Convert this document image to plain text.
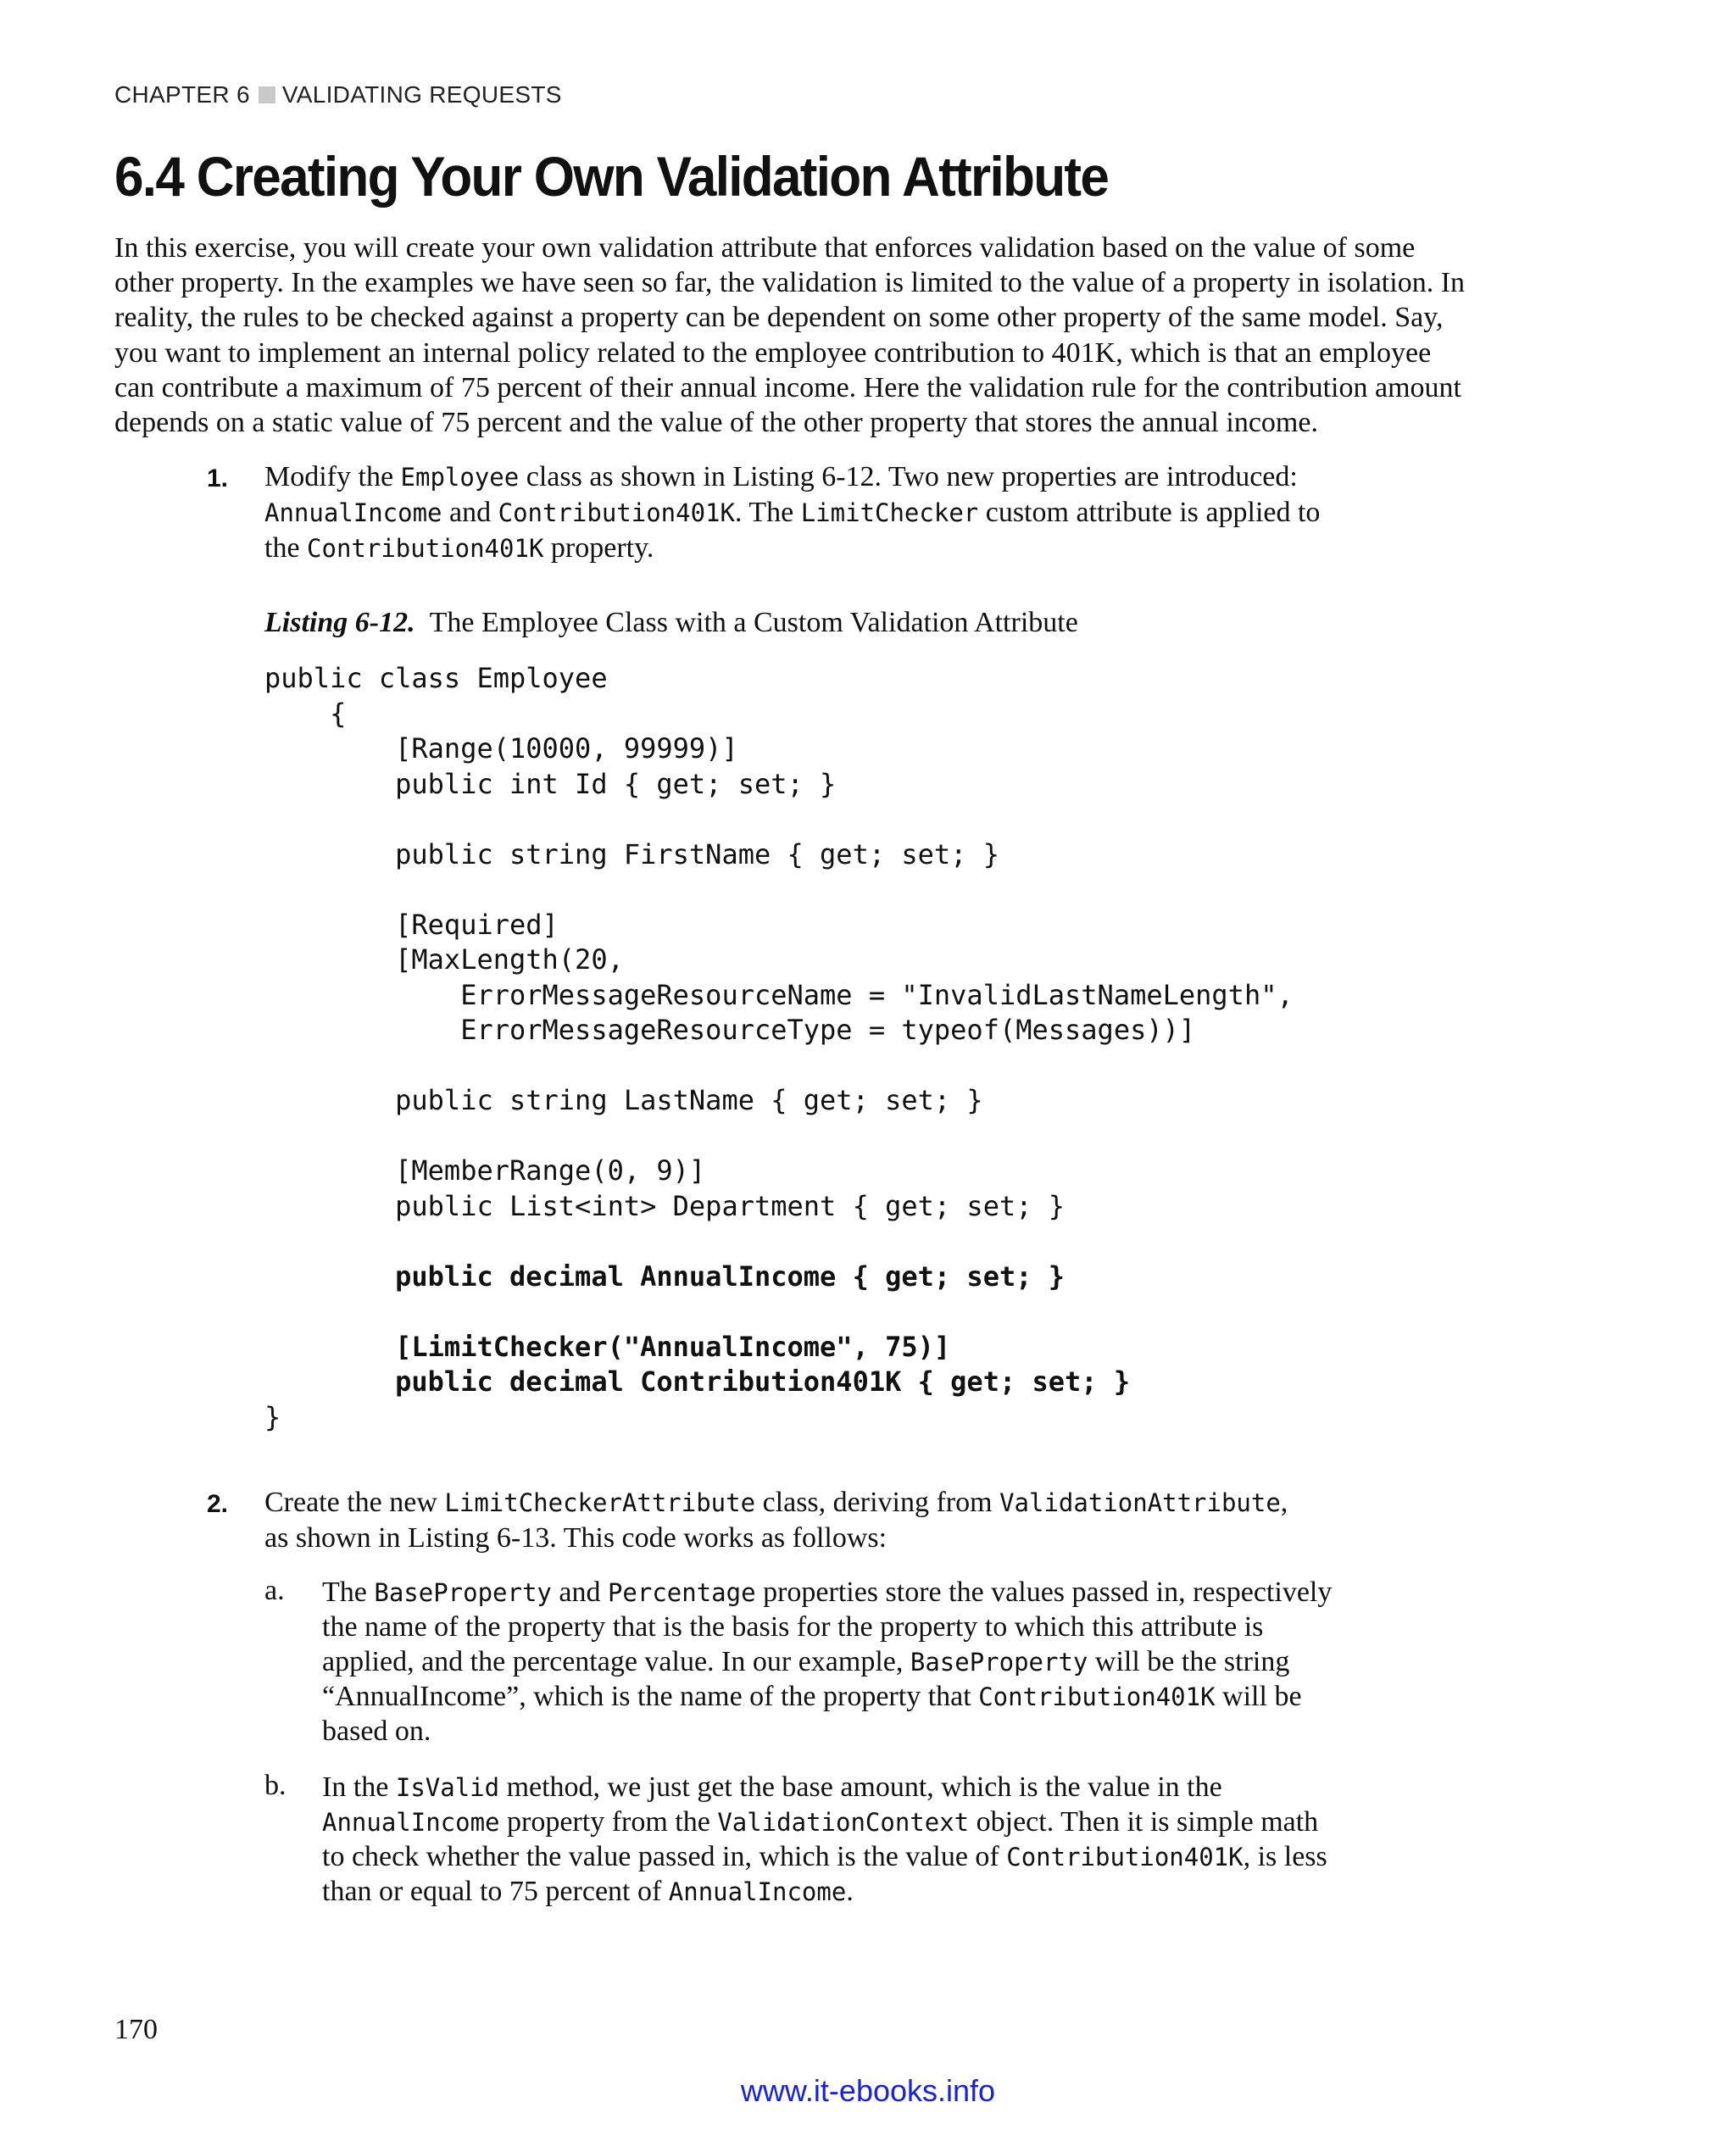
CHAPTER 6 VALIDATING REQUESTS
6.4 Creating Your Own Validation Attribute

In this exercise, you will create your own validation attribute that enforces validation based on the value of some
other property. In the examples we have seen so far, the validation is limited to the value of a property in isolation. In
reality, the rules to be checked against a property can be dependent on some other property of the same model. Say,
you want to implement an internal policy related to the employee contribution to 401K, which is that an employee
can contribute a maximum of 75 percent of their annual income. Here the validation rule for the contribution amount
depends on a static value of 75 percent and the value of the other property that stores the annual income.

1. Modify the Employee class as shown in Listing 6-12. Two new properties are introduced:
AnnualIncome and Contribution401K. The LimitChecker custom attribute is applied to
the Contribution401K property.
Listing 6-12. The Employee Class with a Custom Validation Attribute
public class Employee
{
[Range(10000, 99999)]
public int Id { get; set; }
public string FirstName { get; set; }
[Required]
[MaxLength(20,
ErrorMessageResourceName = "InvalidLastNameLength",
ErrorMessageResourceType = typeof(Messages))]
public string LastName { get; set; }
[MemberRange(0, 9)]
public List<int> Department { get; set; }
public decimal AnnualIncome { get; set; }
[LimitChecker("AnnualIncome", 75)]
public decimal Contribution401K { get; set; }
}
2. Create the new LimitCheckerAttribute class, deriving from ValidationAttribute,
as shown in Listing 6-13. This code works as follows:
a. The BaseProperty and Percentage properties store the values passed in, respectively
the name of the property that is the basis for the property to which this attribute is
applied, and the percentage value. In our example, BaseProperty will be the string
“AnnualIncome”, which is the name of the property that Contribution401K will be
based on.
b. In the IsValid method, we just get the base amount, which is the value in the
AnnualIncome property from the ValidationContext object. Then it is simple math
to check whether the value passed in, which is the value of Contribution401K, is less
than or equal to 75 percent of AnnualIncome.
170
www.it-ebooks.info
